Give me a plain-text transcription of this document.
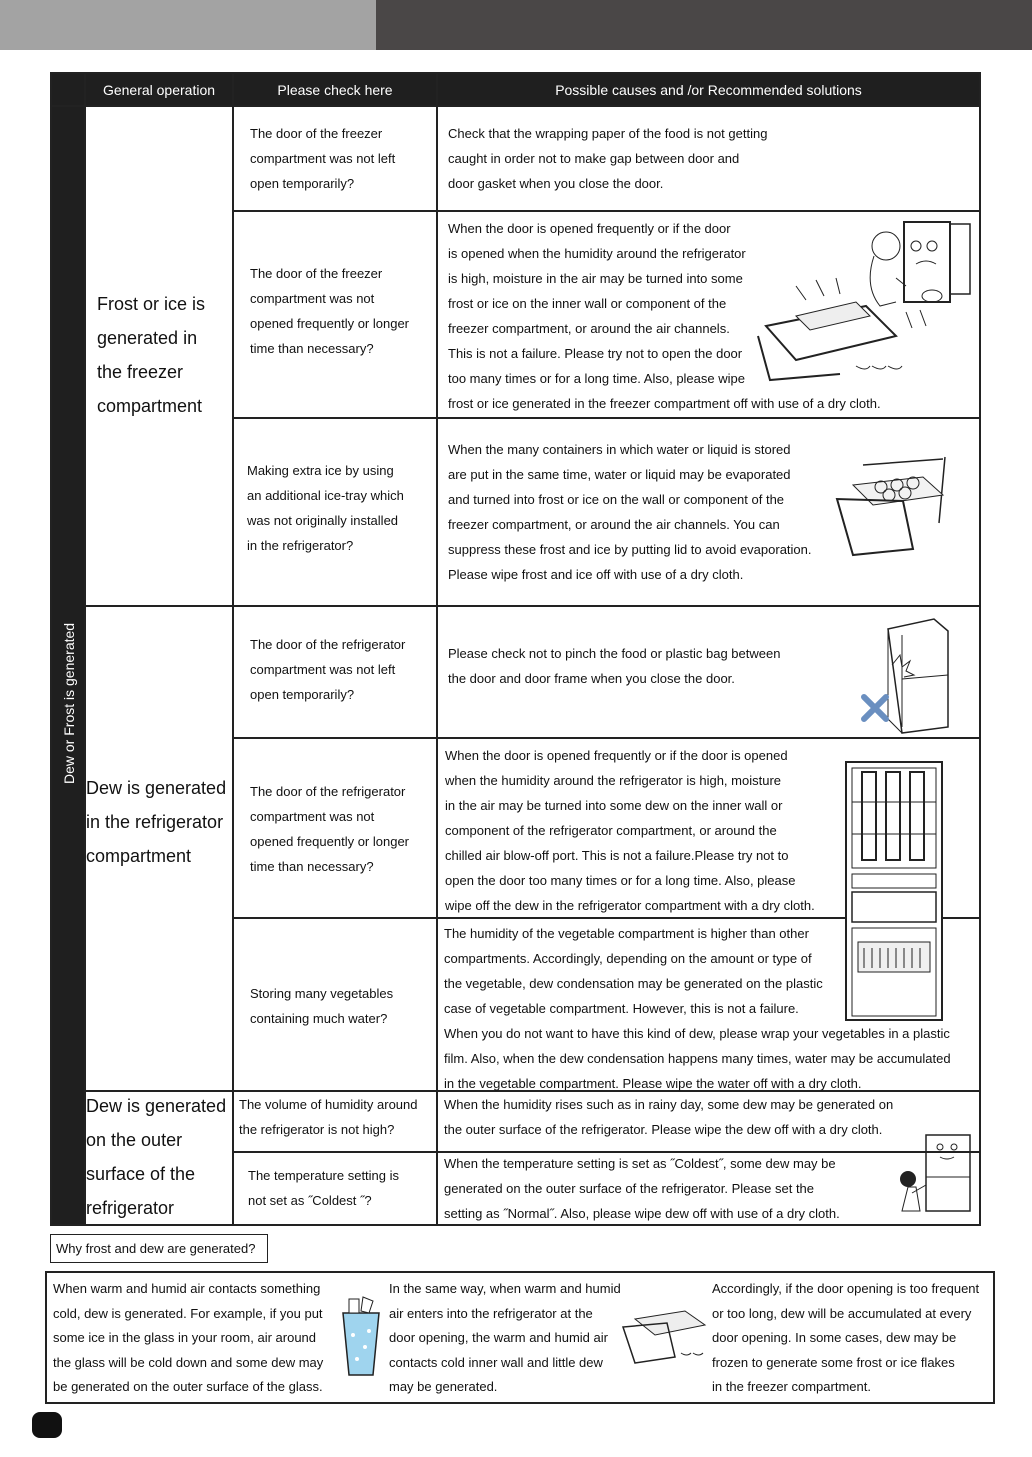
General operation	Please check here	Possible causes and /or Recommended solutions
Dew or Frost is generated
Frost or ice is
generated in
the freezer
compartment
Dew is generated
in the refrigerator
compartment
Dew is generated
on the outer
surface of the
refrigerator
The door of the freezer
compartment was not left
open temporarily?
Check that the wrapping paper of the food is not getting
caught in order not to make gap between door and
door gasket when you close the door.
The door of the freezer
compartment was not
opened frequently or longer
time than necessary?
When the door is opened frequently or if the door
is opened when the humidity around the refrigerator
is high, moisture in the air may be turned into some
frost or ice on the inner wall or component of the
freezer compartment, or around the air channels.
This is not a failure. Please try not to open the door
too many times or for a long time. Also, please wipe
frost or ice generated in the freezer compartment off with use of a dry cloth.
Making extra ice by using
an additional ice-tray which
was not originally installed
in the refrigerator?
When the many containers in which water or liquid is stored
are put in the same time, water or liquid may be evaporated
and turned into frost or ice on the wall or component of the
freezer compartment, or around the air channels. You can
suppress these frost and ice by putting lid to avoid evaporation.
Please wipe frost and ice off with use of a dry cloth.
The door of the refrigerator
compartment was not left
open temporarily?
Please check not to pinch the food or plastic bag between
the door and door frame when you close the door.
The door of the refrigerator
compartment was not
opened frequently or longer
time than necessary?
When the door is opened frequently or if the door is opened
when the humidity around the refrigerator is high, moisture
in the air may be turned into some dew on the inner wall or
component of the refrigerator compartment, or around the
chilled air blow-off port. This is not a failure.Please try not to
open the door too many times or for a long time. Also, please
wipe off the dew in the refrigerator compartment with a dry cloth.
Storing many vegetables
containing much water?
The humidity of the vegetable compartment is higher than other
compartments. Accordingly, depending on the amount or type of
the vegetable, dew condensation may be generated on the plastic
case of vegetable compartment. However, this is not a failure.
When you do not want to have this kind of dew, please wrap your vegetables in a plastic
film. Also, when the dew condensation happens many times, water may be accumulated
in the vegetable compartment. Please wipe the water off with a dry cloth.
The volume of humidity around
the refrigerator is not high?
When the humidity rises such as in rainy day, some dew may be generated on
the outer surface of the refrigerator. Please wipe the dew off with a dry cloth.
The temperature setting is
not set as ˝Coldest ˝?
When the temperature setting is set as ˝Coldest˝, some dew may be
generated on the outer surface of the refrigerator. Please set the
setting as ˝Normal˝. Also, please wipe dew off with use of a dry cloth.
Why frost and dew are generated?
When warm and humid air contacts something
cold, dew is generated. For example, if you put
some ice in the glass in your room, air around
the glass will be cold down and some dew may
be generated on the outer surface of the glass.
In the same way, when warm and humid
air enters into the refrigerator at the
door opening, the warm and humid air
contacts cold inner wall and little dew
may be generated.
Accordingly, if the door opening is too frequent
or too long, dew will be accumulated at every
door opening. In some cases, dew may be
frozen to generate some frost or ice flakes
in the freezer compartment.
